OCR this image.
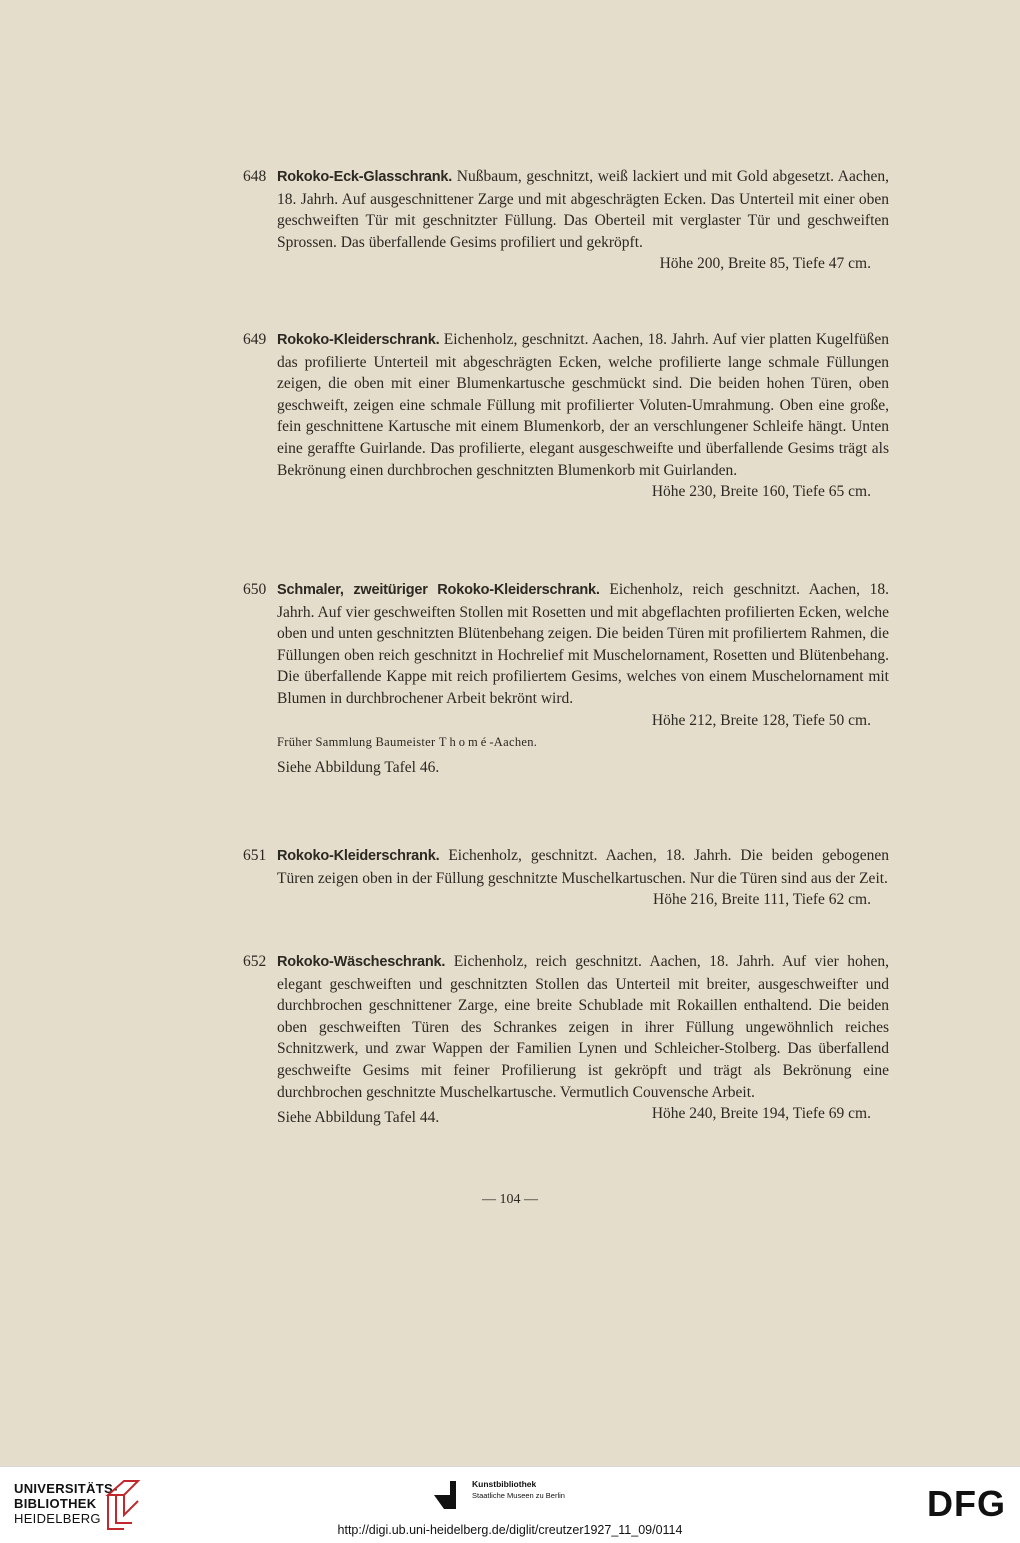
648 Rokoko-Eck-Glasschrank. Nußbaum, geschnitzt, weiß lackiert und mit Gold abgesetzt. Aachen, 18. Jahrh. Auf ausgeschnittener Zarge und mit abgeschrägten Ecken. Das Unterteil mit einer oben geschweiften Tür mit geschnitzter Füllung. Das Oberteil mit verglaster Tür und geschweiften Sprossen. Das überfallende Gesims profiliert und gekröpft.

Höhe 200, Breite 85, Tiefe 47 cm.

649 Rokoko-Kleiderschrank. Eichenholz, geschnitzt. Aachen, 18. Jahrh. Auf vier platten Kugelfüßen das profilierte Unterteil mit abgeschrägten Ecken, welche profilierte lange schmale Füllungen zeigen, die oben mit einer Blumenkartusche geschmückt sind. Die beiden hohen Türen, oben geschweift, zeigen eine schmale Füllung mit profilierter Voluten-Umrahmung. Oben eine große, fein geschnittene Kartusche mit einem Blumenkorb, der an verschlungener Schleife hängt. Unten eine geraffte Guirlande. Das profilierte, elegant ausgeschweifte und überfallende Gesims trägt als Bekrönung einen durchbrochen geschnitzten Blumenkorb mit Guirlanden.

Höhe 230, Breite 160, Tiefe 65 cm.

650 Schmaler, zweitüriger Rokoko-Kleiderschrank. Eichenholz, reich geschnitzt. Aachen, 18. Jahrh. Auf vier geschweiften Stollen mit Rosetten und mit abgeflachten profilierten Ecken, welche oben und unten geschnitzten Blütenbehang zeigen. Die beiden Türen mit profiliertem Rahmen, die Füllungen oben reich geschnitzt in Hochrelief mit Muschelornament, Rosetten und Blütenbehang. Die überfallende Kappe mit reich profiliertem Gesims, welches von einem Muschelornament mit Blumen in durchbrochener Arbeit bekrönt wird.

Höhe 212, Breite 128, Tiefe 50 cm.
Früher Sammlung Baumeister Thomé-Aachen.
Siehe Abbildung Tafel 46.

651 Rokoko-Kleiderschrank. Eichenholz, geschnitzt. Aachen, 18. Jahrh. Die beiden gebogenen Türen zeigen oben in der Füllung geschnitzte Muschelkartuschen. Nur die Türen sind aus der Zeit.
Höhe 216, Breite 111, Tiefe 62 cm.

652 Rokoko-Wäscheschrank. Eichenholz, reich geschnitzt. Aachen, 18. Jahrh. Auf vier hohen, elegant geschweiften und geschnitzten Stollen das Unterteil mit breiter, ausgeschweifter und durchbrochen geschnittener Zarge, eine breite Schublade mit Rokaillen enthaltend. Die beiden oben geschweiften Türen des Schrankes zeigen in ihrer Füllung ungewöhnlich reiches Schnitzwerk, und zwar Wappen der Familien Lynen und Schleicher-Stolberg. Das überfallend geschweifte Gesims mit feiner Profilierung ist gekröpft und trägt als Bekrönung eine durchbrochen geschnitzte Muschelkartusche. Vermutlich Couvensche Arbeit.
Höhe 240, Breite 194, Tiefe 69 cm.

Siehe Abbildung Tafel 44.
— 104 —
UNIVERSITÄTS-
BIBLIOTHEK
HEIDELBERG
Kunstbibliothek
Staatliche Museen zu Berlin
http://digi.ub.uni-heidelberg.de/diglit/creutzer1927_11_09/0114
DFG
